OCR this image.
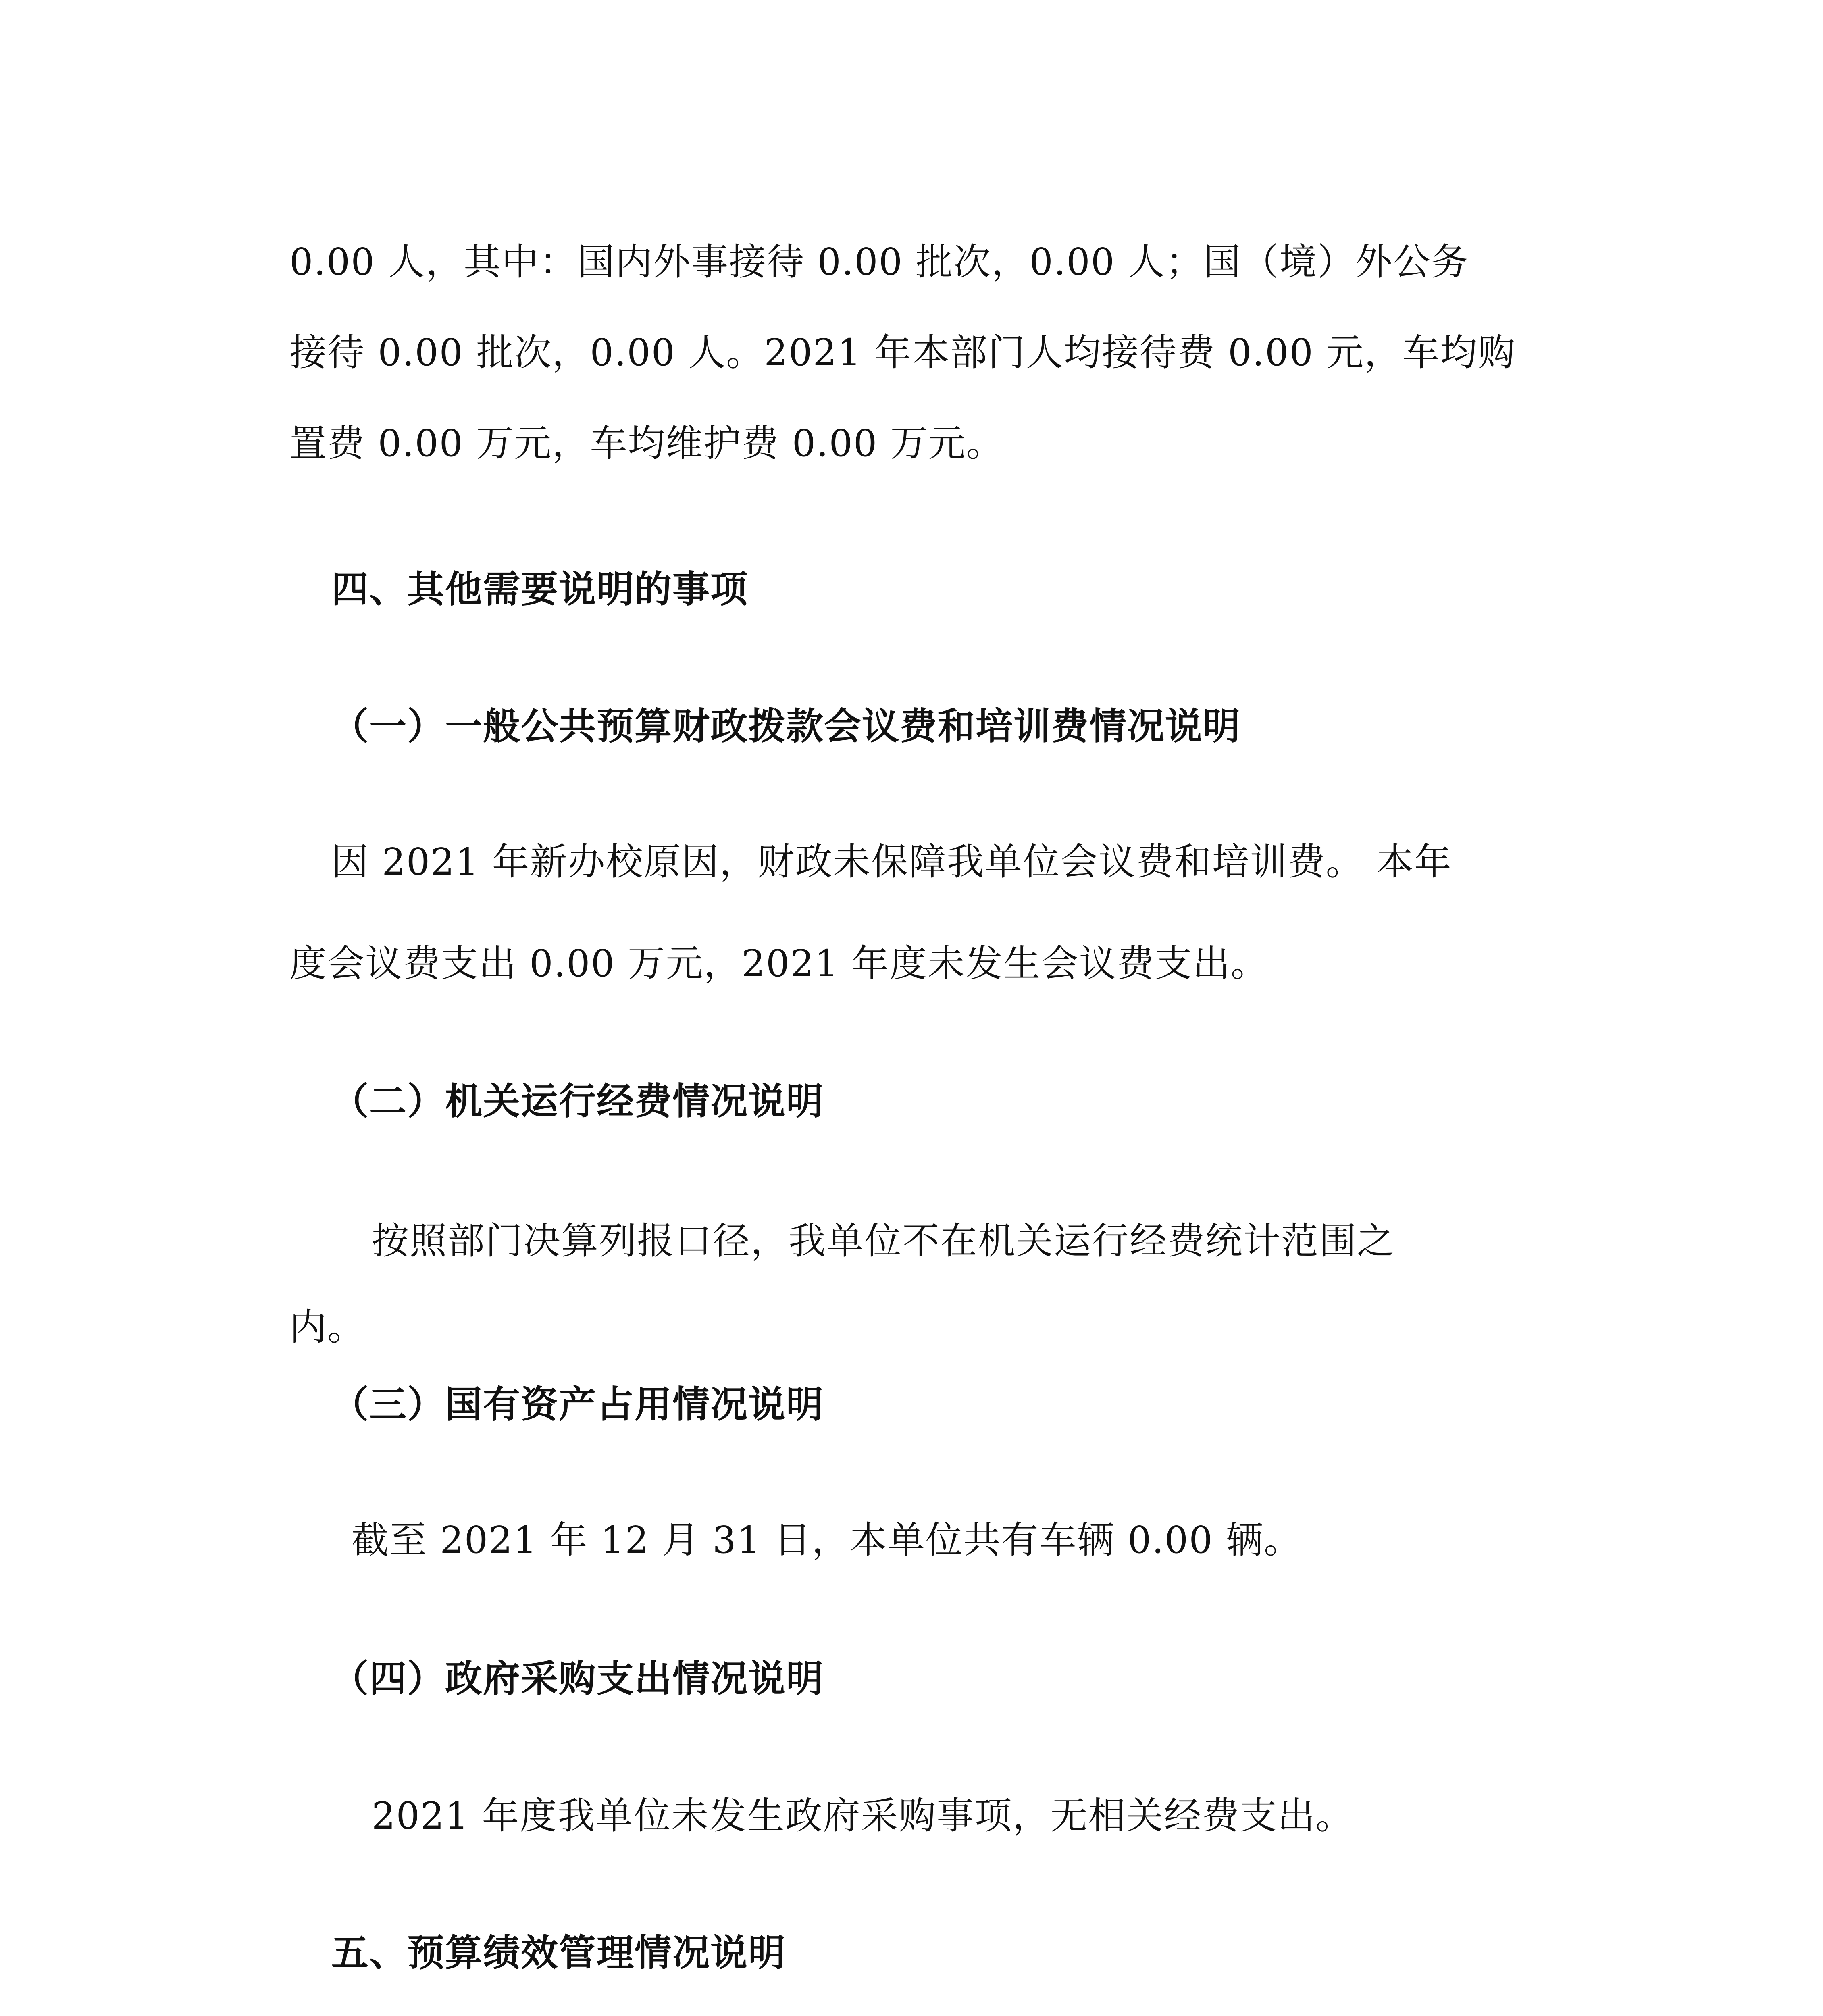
0.00 人，其中：国内外事接待 0.00 批次，0.00 人；国（境）外公务

接待 0.00 批次，0.00 人。2021 年本部门人均接待费 0.00 元，车均购

置费 0.00 万元，车均维护费 0.00 万元。

四、其他需要说明的事项
（一）一般公共预算财政拨款会议费和培训费情况说明

因 2021 年新办校原因，财政未保障我单位会议费和培训费。 本年

度会议费支出 0.00 万元，2021 年度未发生会议费支出。

（二）机关运行经费情况说明

按照部门决算列报口径，我单位不在机关运行经费统计范围之

内。

（三）国有资产占用情况说明

截至 2021 年 12 月 31 日，本单位共有车辆 0.00 辆。

（四）政府采购支出情况说明

2021 年度我单位未发生政府采购事项，无相关经费支出。

五、预算绩效管理情况说明
